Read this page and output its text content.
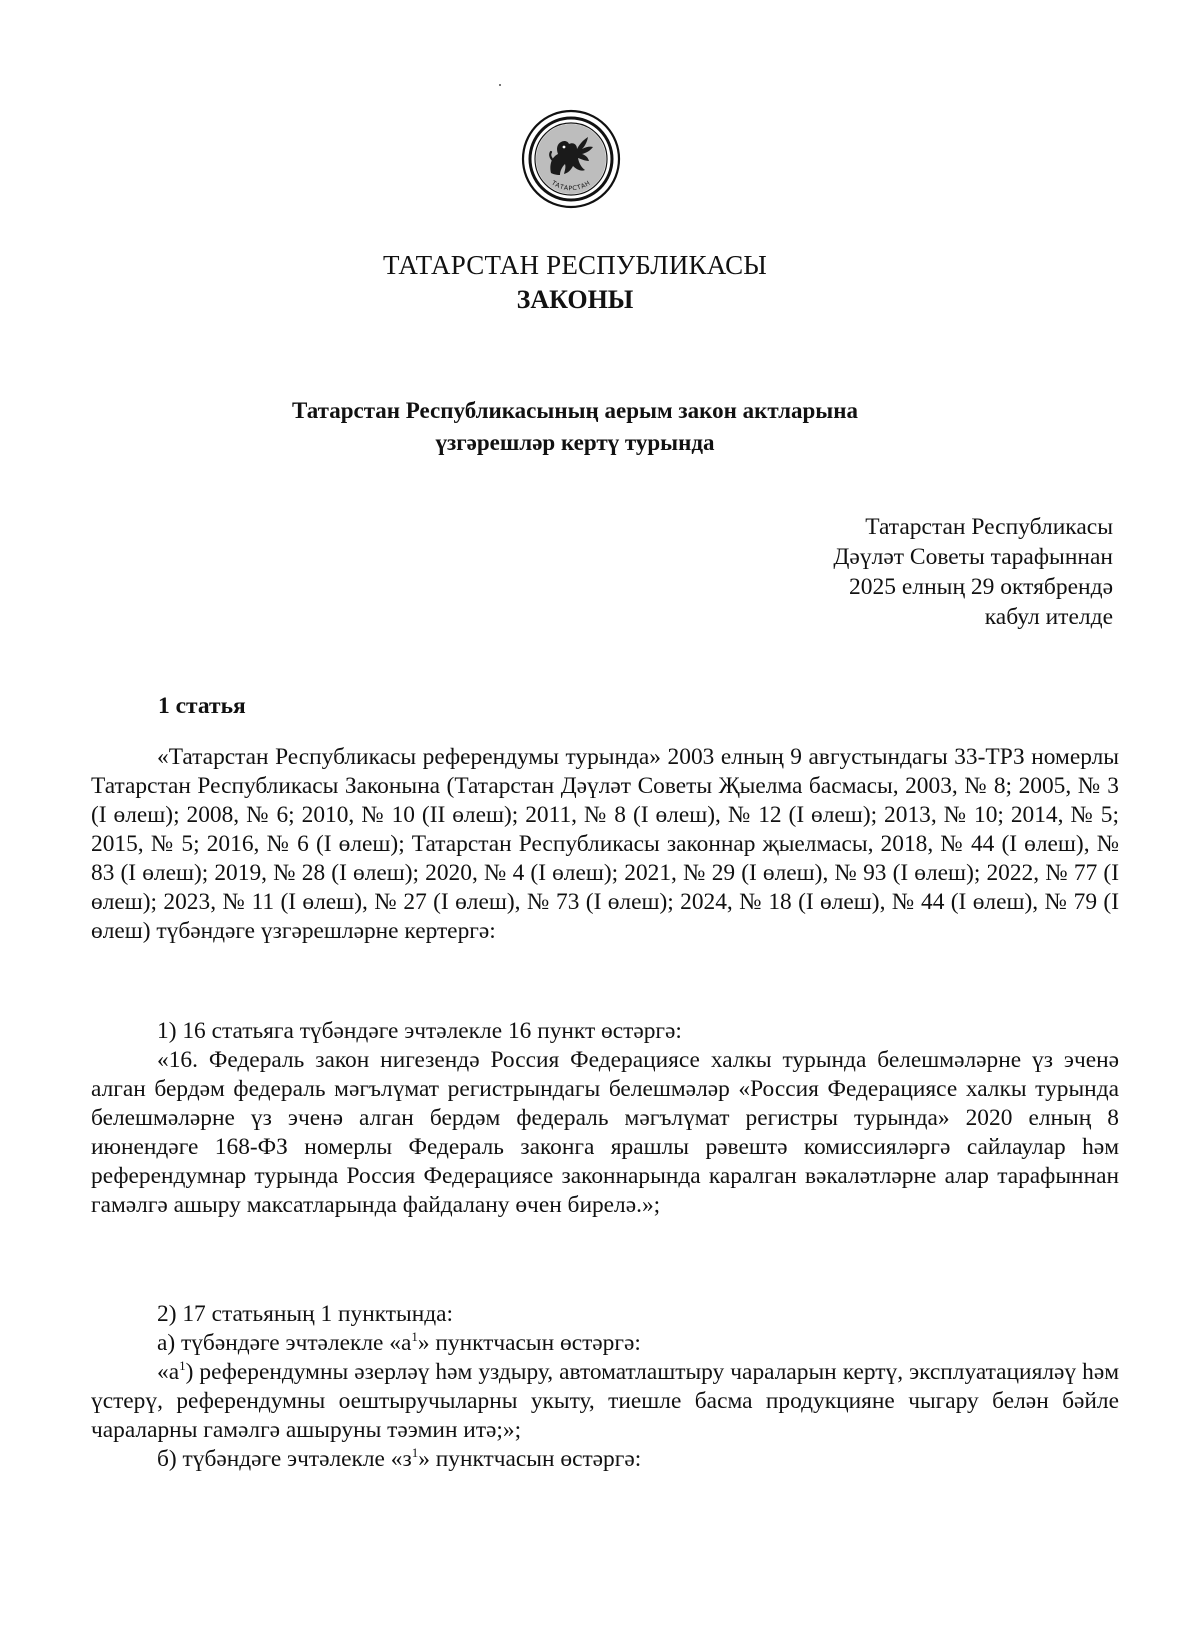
ТАТАРСТАН
ТАТАРСТАН РЕСПУБЛИКАСЫ
ЗАКОНЫ
Татарстан Республикасының аерым закон актларына
үзгәрешләр кертү турында
Татарстан Республикасы
Дәүләт Советы тарафыннан
2025 елның 29 октябрендә
кабул ителде
1 статья

«Татарстан Республикасы референдумы турында» 2003 елның 9 августындагы 33-ТРЗ номерлы Татарстан Республикасы Законына (Татарстан Дәүләт Советы Җыелма басмасы, 2003, № 8; 2005, № 3 (I өлеш); 2008, № 6; 2010, № 10 (II өлеш); 2011, № 8 (I өлеш), № 12 (I өлеш); 2013, № 10; 2014, № 5; 2015, № 5; 2016, № 6 (I өлеш); Татарстан Республикасы законнар җыелмасы, 2018, № 44 (I өлеш), № 83 (I өлеш); 2019, № 28 (I өлеш); 2020, № 4 (I өлеш); 2021, № 29 (I өлеш), № 93 (I өлеш); 2022, № 77 (I өлеш); 2023, № 11 (I өлеш), № 27 (I өлеш), № 73 (I өлеш); 2024, № 18 (I өлеш), № 44 (I өлеш), № 79 (I өлеш) түбәндәге үзгәрешләрне кертергә:

1) 16 статьяга түбәндәге эчтәлекле 16 пункт өстәргә:

«16. Федераль закон нигезендә Россия Федерациясе халкы турында белешмәләрне үз эченә алган бердәм федераль мәгълүмат регистрындагы белешмәләр «Россия Федерациясе халкы турында белешмәләрне үз эченә алган бердәм федераль мәгълүмат регистры турында» 2020 елның 8 июнендәге 168-ФЗ номерлы Федераль законга ярашлы рәвештә комиссияләргә сайлаулар һәм референдумнар турында Россия Федерациясе законнарында каралган вәкаләтләрне алар тарафыннан гамәлгә ашыру максатларында файдалану өчен бирелә.»;

2) 17 статьяның 1 пунктында:

а) түбәндәге эчтәлекле «$а^1$» пунктчасын өстәргә:

«$а^1$) референдумны әзерләү һәм уздыру, автоматлаштыру чараларын кертү, эксплуатацияләү һәм үстерү, референдумны оештыручыларны укыту, тиешле басма продукцияне чыгару белән бәйле чараларны гамәлгә ашыруны тәэмин итә;»;

б) түбәндәге эчтәлекле «$з^1$» пунктчасын өстәргә:
